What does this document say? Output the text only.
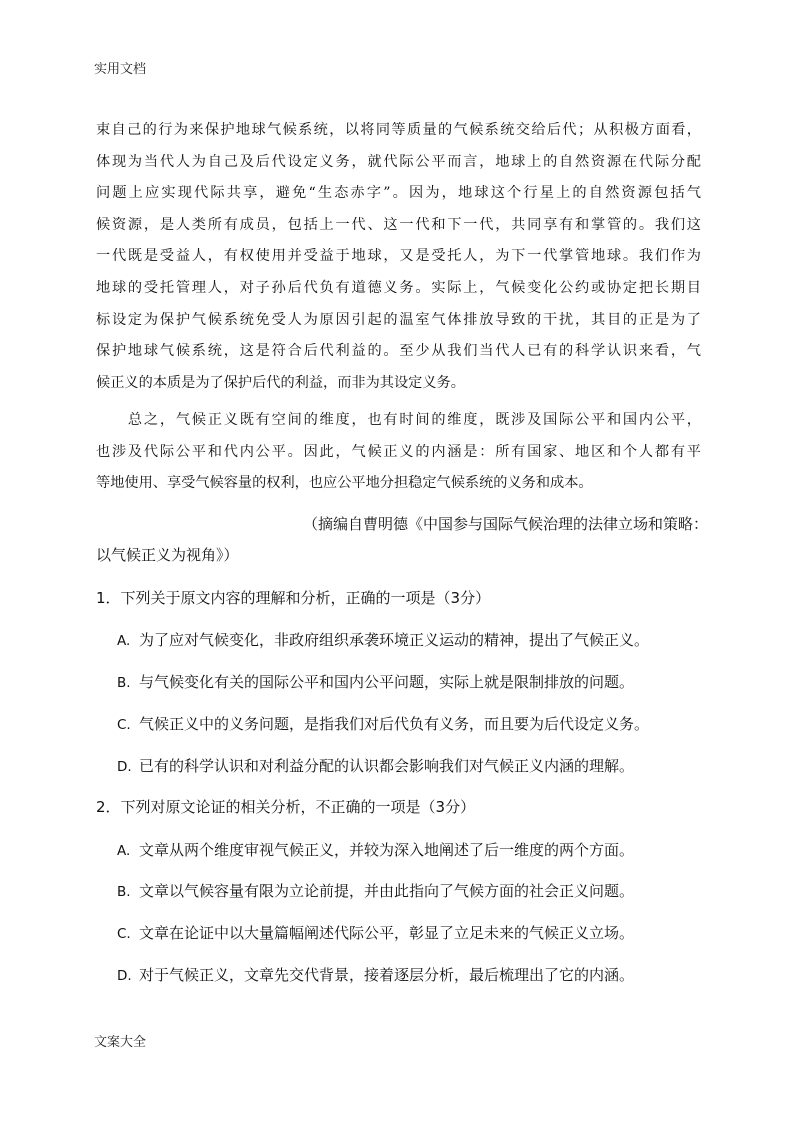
实用文档
束自己的行为来保护地球气候系统，以将同等质量的气候系统交给后代；从积极方面看，
体现为当代人为自己及后代设定义务，就代际公平而言，地球上的自然资源在代际分配
问题上应实现代际共享，避免“生态赤字”。因为，地球这个行星上的自然资源包括气
候资源，是人类所有成员，包括上一代、这一代和下一代，共同享有和掌管的。我们这
一代既是受益人，有权使用并受益于地球，又是受托人，为下一代掌管地球。我们作为
地球的受托管理人，对子孙后代负有道德义务。实际上，气候变化公约或协定把长期目
标设定为保护气候系统免受人为原因引起的温室气体排放导致的干扰，其目的正是为了
保护地球气候系统，这是符合后代利益的。至少从我们当代人已有的科学认识来看，气
候正义的本质是为了保护后代的利益，而非为其设定义务。
　　总之，气候正义既有空间的维度，也有时间的维度，既涉及国际公平和国内公平，
也涉及代际公平和代内公平。因此，气候正义的内涵是：所有国家、地区和个人都有平
等地使用、享受气候容量的权利，也应公平地分担稳定气候系统的义务和成本。
（摘编自曹明德《中国参与国际气候治理的法律立场和策略：
以气候正义为视角》）
1．下列关于原文内容的理解和分析，正确的一项是（3分）
A. 为了应对气候变化，非政府组织承袭环境正义运动的精神，提出了气候正义。
B. 与气候变化有关的国际公平和国内公平问题，实际上就是限制排放的问题。
C. 气候正义中的义务问题，是指我们对后代负有义务，而且要为后代设定义务。
D. 已有的科学认识和对利益分配的认识都会影响我们对气候正义内涵的理解。
2．下列对原文论证的相关分析，不正确的一项是（3分）
A. 文章从两个维度审视气候正义，并较为深入地阐述了后一维度的两个方面。
B. 文章以气候容量有限为立论前提，并由此指向了气候方面的社会正义问题。
C. 文章在论证中以大量篇幅阐述代际公平，彰显了立足未来的气候正义立场。
D. 对于气候正义，文章先交代背景，接着逐层分析，最后梳理出了它的内涵。
文案大全
